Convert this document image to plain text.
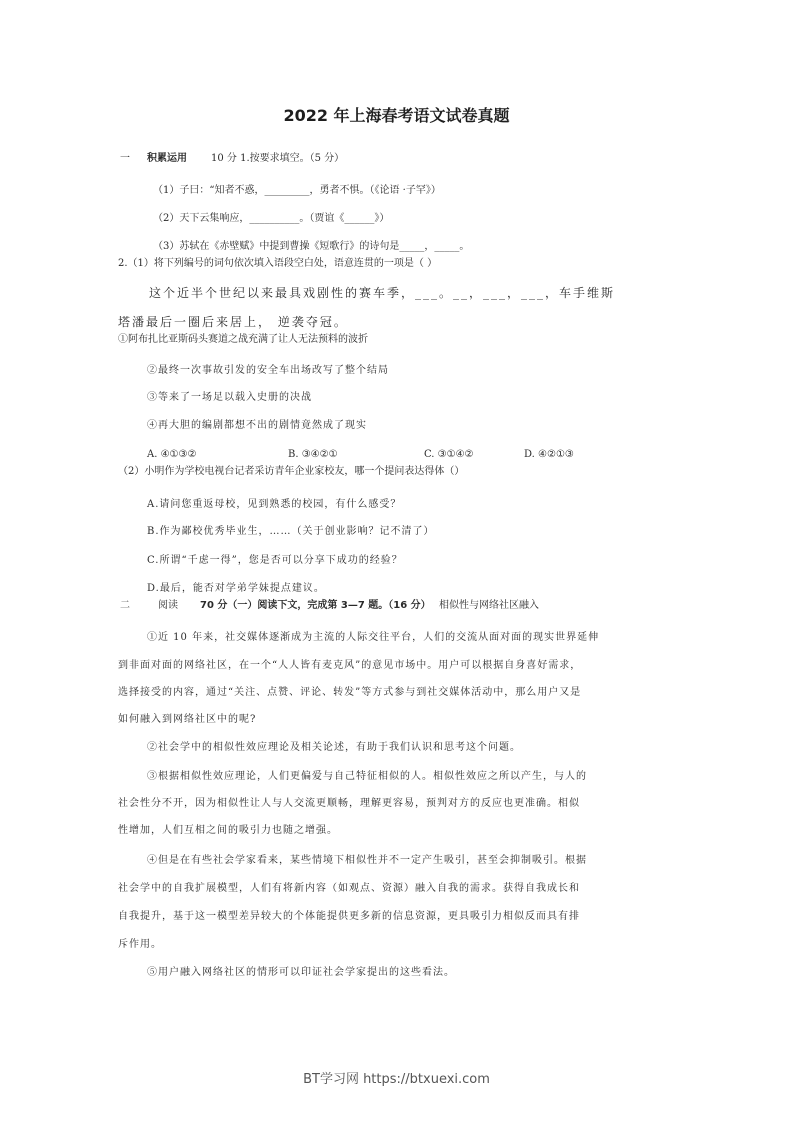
2022 年上海春考语文试卷真题
一 积累运用 10 分 1.按要求填空。（5 分）
（1）子曰：“知者不惑，_________，勇者不惧。（《论语 ·子罕》）
（2）天下云集响应，__________。（贾谊《______》）
（3）苏轼在《赤壁赋》中提到曹操《短歌行》的诗句是_____，_____。
2.（1）将下列编号的词句依次填入语段空白处，语意连贯的一项是（ ）
这个近半个世纪以来最具戏剧性的赛车季，___。__，___，___，车手维斯
塔潘最后一圈后来居上， 逆袭夺冠。
①阿布扎比亚斯码头赛道之战充满了让人无法预料的波折
②最终一次事故引发的安全车出场改写了整个结局
③等来了一场足以载入史册的决战
④再大胆的编剧都想不出的剧情竟然成了现实
A. ④①③②	B. ③④②①	C. ③①④②	D. ④②①③
（2）小明作为学校电视台记者采访青年企业家校友，哪一个提问表达得体（）
A.请问您重返母校，见到熟悉的校园，有什么感受？
B.作为鄙校优秀毕业生，……（关于创业影响？记不清了）
C.所谓“千虑一得”，您是否可以分享下成功的经验？
D.最后，能否对学弟学妹提点建议。
二	阅读 70 分（一）阅读下文，完成第 3—7 题。（16 分） 相似性与网络社区融入
①近 10 年来，社交媒体逐渐成为主流的人际交往平台，人们的交流从面对面的现实世界延伸
到非面对面的网络社区，在一个“人人皆有麦克风”的意见市场中。用户可以根据自身喜好需求，
选择接受的内容，通过“关注、点赞、评论、转发”等方式参与到社交媒体活动中，那么用户又是
如何融入到网络社区中的呢?
②社会学中的相似性效应理论及相关论述，有助于我们认识和思考这个问题。
③根据相似性效应理论，人们更偏爱与自己特征相似的人。相似性效应之所以产生，与人的
社会性分不开，因为相似性让人与人交流更顺畅，理解更容易，预判对方的反应也更准确。相似
性增加，人们互相之间的吸引力也随之增强。
④但是在有些社会学家看来，某些情境下相似性并不一定产生吸引，甚至会抑制吸引。根据
社会学中的自我扩展模型，人们有将新内容（如观点、资源）融入自我的需求。获得自我成长和
自我提升，基于这一模型差异较大的个体能提供更多新的信息资源，更具吸引力相似反而具有排
斥作用。
⑤用户融入网络社区的情形可以印证社会学家提出的这些看法。
BT学习网 https://btxuexi.com
